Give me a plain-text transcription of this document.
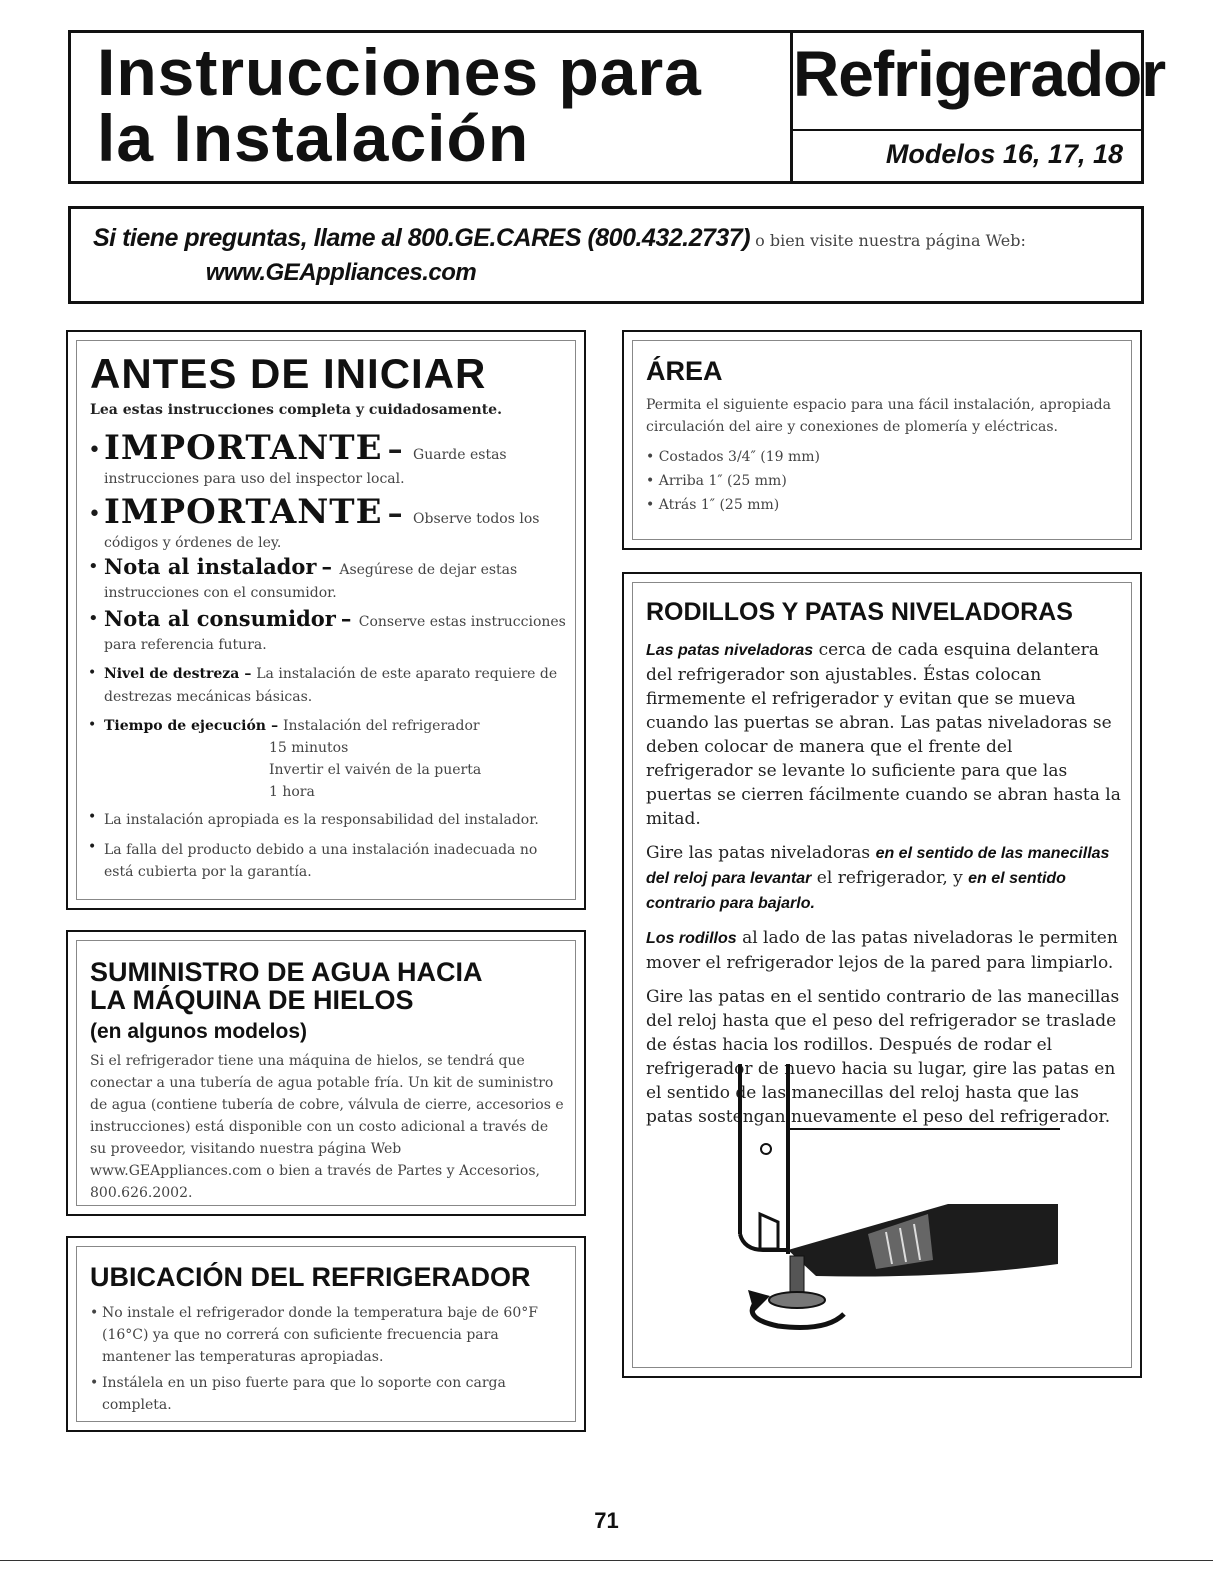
Instrucciones para
la Instalación
Refrigerador
Modelos 16, 17, 18
Si tiene preguntas, llame al 800.GE.CARES (800.432.2737) o bien visite nuestra página Web:
www.GEAppliances.com
ANTES DE INICIAR
Lea estas instrucciones completa y cuidadosamente.
• IMPORTANTE – Guarde estas instrucciones para uso del inspector local.
• IMPORTANTE – Observe todos los códigos y órdenes de ley.
• Nota al instalador – Asegúrese de dejar estas instrucciones con el consumidor.
• Nota al consumidor – Conserve estas instrucciones para referencia futura.
• Nivel de destreza – La instalación de este aparato requiere de destrezas mecánicas básicas.
• Tiempo de ejecución – Instalación del refrigerador
15 minutos
Invertir el vaivén de la puerta
1 hora
• La instalación apropiada es la responsabilidad del instalador.
• La falla del producto debido a una instalación inadecuada no está cubierta por la garantía.
SUMINISTRO DE AGUA HACIA
LA MÁQUINA DE HIELOS
(en algunos modelos)
Si el refrigerador tiene una máquina de hielos, se tendrá que conectar a una tubería de agua potable fría. Un kit de suministro de agua (contiene tubería de cobre, válvula de cierre, accesorios e instrucciones) está disponible con un costo adicional a través de su proveedor, visitando nuestra página Web www.GEAppliances.com o bien a través de Partes y Accesorios, 800.626.2002.
UBICACIÓN DEL REFRIGERADOR
• No instale el refrigerador donde la temperatura baje de 60°F (16°C) ya que no correrá con suficiente frecuencia para mantener las temperaturas apropiadas.
• Instálela en un piso fuerte para que lo soporte con carga completa.
ÁREA
Permita el siguiente espacio para una fácil instalación, apropiada circulación del aire y conexiones de plomería y eléctricas.
• Costados 3/4″ (19 mm)
• Arriba 1″ (25 mm)
• Atrás 1″ (25 mm)
RODILLOS Y PATAS NIVELADORAS

Las patas niveladoras cerca de cada esquina delantera del refrigerador son ajustables. Éstas colocan firmemente el refrigerador y evitan que se mueva cuando las puertas se abran. Las patas niveladoras se deben colocar de manera que el frente del refrigerador se levante lo suficiente para que las puertas se cierren fácilmente cuando se abran hasta la mitad.

Gire las patas niveladoras en el sentido de las manecillas del reloj para levantar el refrigerador, y en el sentido contrario para bajarlo.

Los rodillos al lado de las patas niveladoras le permiten mover el refrigerador lejos de la pared para limpiarlo.

Gire las patas en el sentido contrario de las manecillas del reloj hasta que el peso del refrigerador se traslade de éstas hacia los rodillos. Después de rodar el refrigerador de nuevo hacia su lugar, gire las patas en el sentido de las manecillas del reloj hasta que las patas sostengan nuevamente el peso del refrigerador.

71
